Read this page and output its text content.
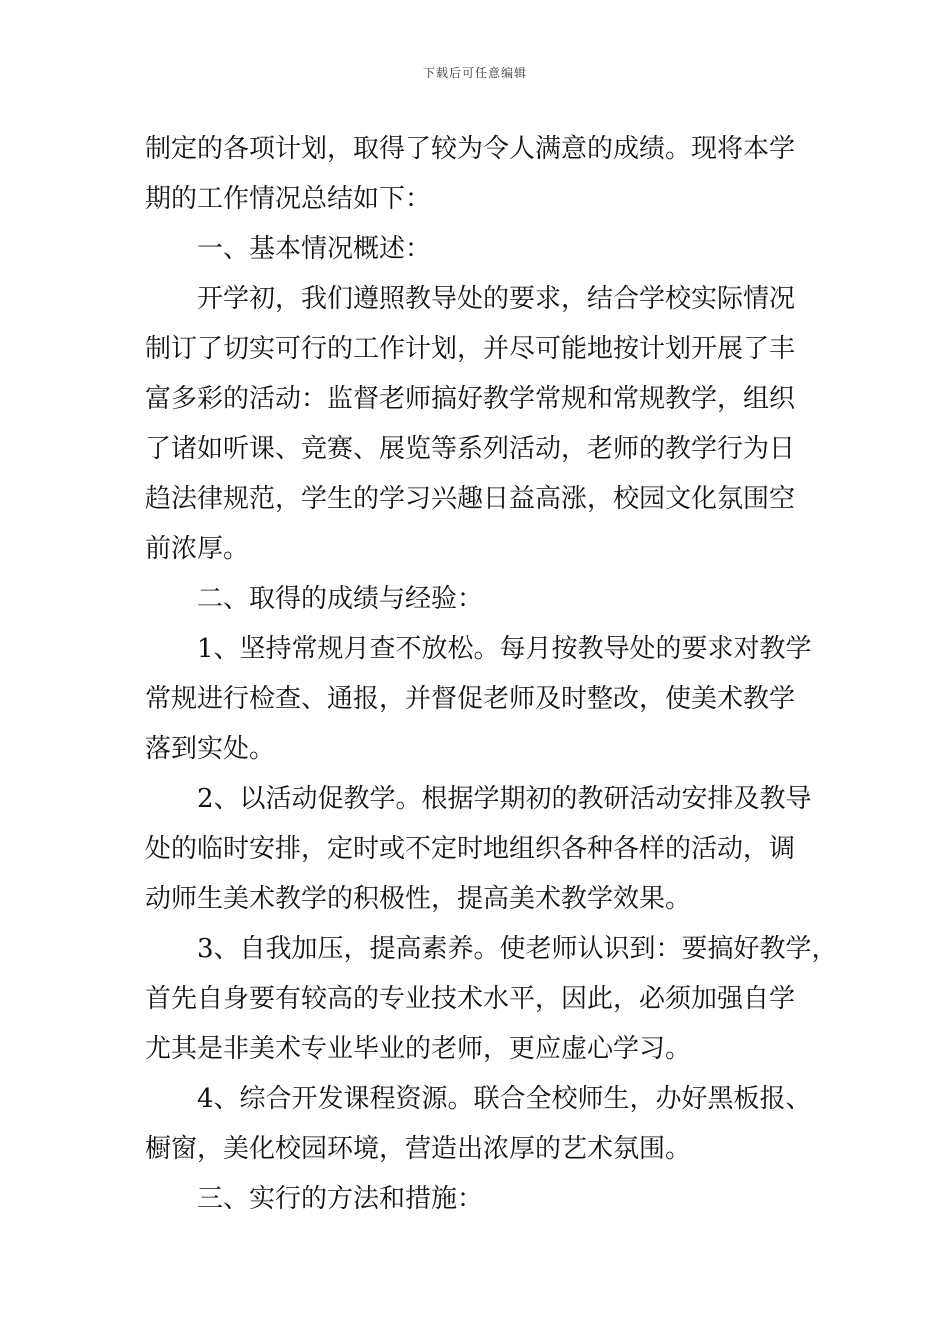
下载后可任意编辑
制定的各项计划，取得了较为令人满意的成绩。现将本学
期的工作情况总结如下：
一、基本情况概述：
开学初，我们遵照教导处的要求，结合学校实际情况
制订了切实可行的工作计划，并尽可能地按计划开展了丰
富多彩的活动：监督老师搞好教学常规和常规教学，组织
了诸如听课、竞赛、展览等系列活动，老师的教学行为日
趋法律规范，学生的学习兴趣日益高涨，校园文化氛围空
前浓厚。
二、取得的成绩与经验：
1、坚持常规月查不放松。每月按教导处的要求对教学
常规进行检查、通报，并督促老师及时整改，使美术教学
落到实处。
2、以活动促教学。根据学期初的教研活动安排及教导
处的临时安排，定时或不定时地组织各种各样的活动，调
动师生美术教学的积极性，提高美术教学效果。
3、自我加压，提高素养。使老师认识到：要搞好教学，
首先自身要有较高的专业技术水平，因此，必须加强自学
尤其是非美术专业毕业的老师，更应虚心学习。
4、综合开发课程资源。联合全校师生，办好黑板报、
橱窗，美化校园环境，营造出浓厚的艺术氛围。
三、实行的方法和措施：
